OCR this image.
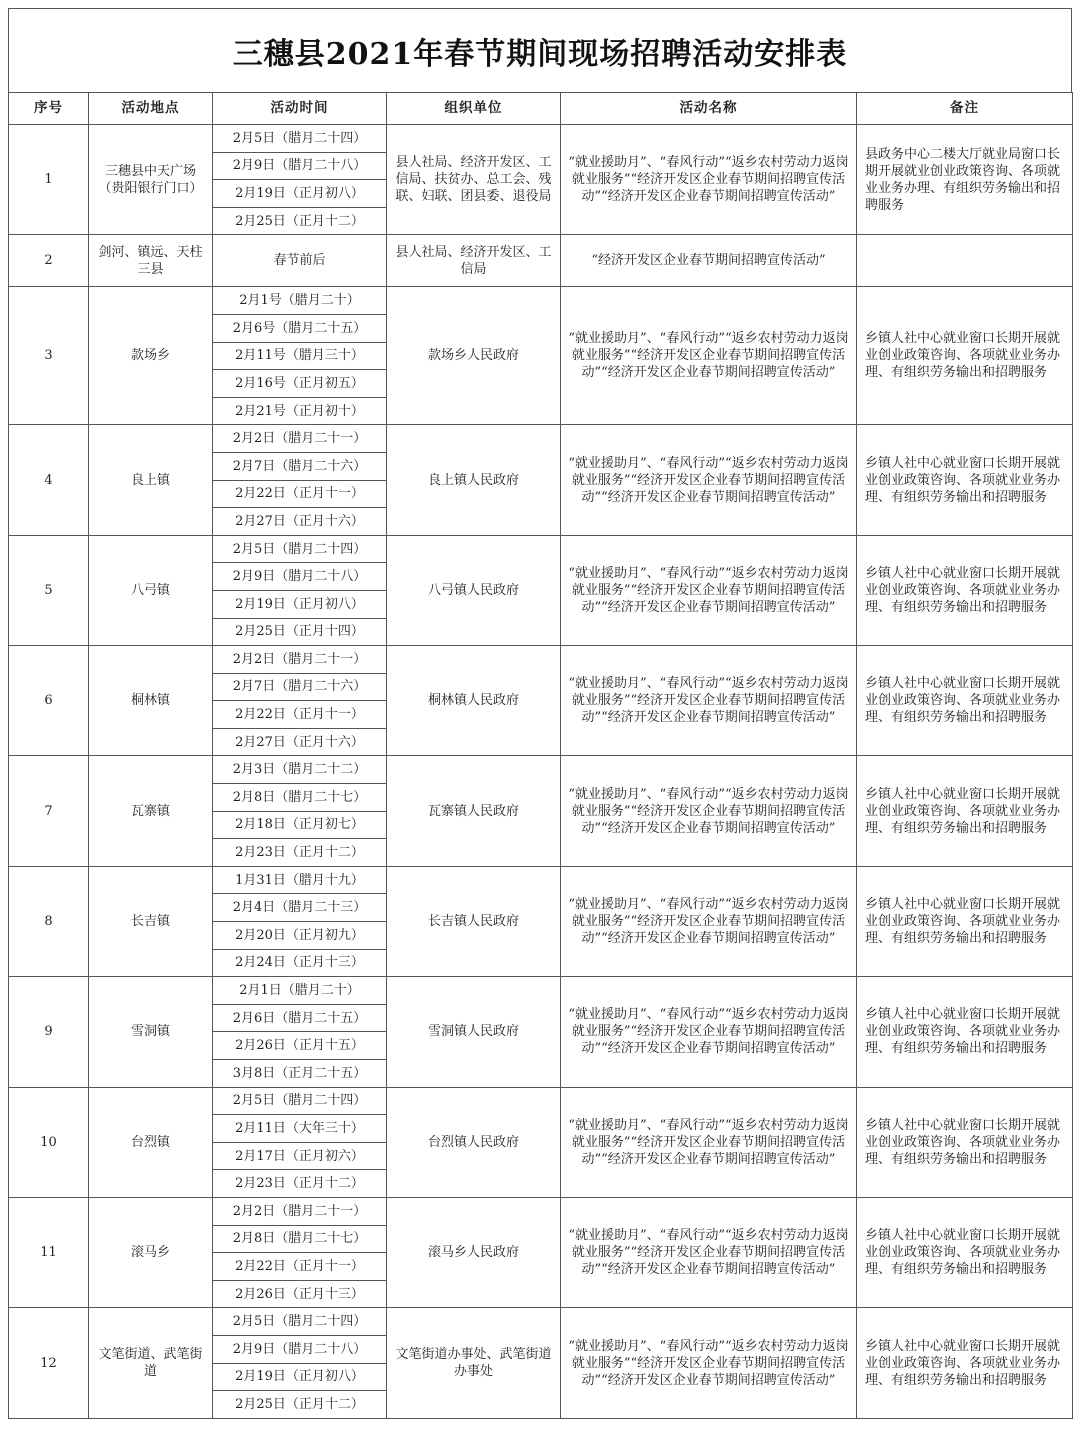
三穗县2021年春节期间现场招聘活动安排表
序号	活动地点	活动时间	组织单位	活动名称	备注
1	三穗县中天广场（贵阳银行门口）	2月5日（腊月二十四）	县人社局、经济开发区、工信局、扶贫办、总工会、残联、妇联、团县委、退役局	“就业援助月”、“春风行动”“返乡农村劳动力返岗就业服务”“经济开发区企业春节期间招聘宣传活动”“经济开发区企业春节期间招聘宣传活动”	县政务中心二楼大厅就业局窗口长期开展就业创业政策咨询、各项就业业务办理、有组织劳务输出和招聘服务
		2月9日（腊月二十八）			
		2月19日（正月初八）			
		2月25日（正月十二）			
2	剑河、镇远、天柱三县	春节前后	县人社局、经济开发区、工信局	“经济开发区企业春节期间招聘宣传活动”	
3	款场乡	2月1号（腊月二十）	款场乡人民政府	“就业援助月”、“春风行动”“返乡农村劳动力返岗就业服务”“经济开发区企业春节期间招聘宣传活动”“经济开发区企业春节期间招聘宣传活动”	乡镇人社中心就业窗口长期开展就业创业政策咨询、各项就业业务办理、有组织劳务输出和招聘服务
		2月6号（腊月二十五）			
		2月11号（腊月三十）			
		2月16号（正月初五）			
		2月21号（正月初十）			
4	良上镇	2月2日（腊月二十一）	良上镇人民政府	“就业援助月”、“春风行动”“返乡农村劳动力返岗就业服务”“经济开发区企业春节期间招聘宣传活动”“经济开发区企业春节期间招聘宣传活动”	乡镇人社中心就业窗口长期开展就业创业政策咨询、各项就业业务办理、有组织劳务输出和招聘服务
		2月7日（腊月二十六）			
		2月22日（正月十一）			
		2月27日（正月十六）			
5	八弓镇	2月5日（腊月二十四）	八弓镇人民政府	“就业援助月”、“春风行动”“返乡农村劳动力返岗就业服务”“经济开发区企业春节期间招聘宣传活动”“经济开发区企业春节期间招聘宣传活动”	乡镇人社中心就业窗口长期开展就业创业政策咨询、各项就业业务办理、有组织劳务输出和招聘服务
		2月9日（腊月二十八）			
		2月19日（正月初八）			
		2月25日（正月十四）			
6	桐林镇	2月2日（腊月二十一）	桐林镇人民政府	“就业援助月”、“春风行动”“返乡农村劳动力返岗就业服务”“经济开发区企业春节期间招聘宣传活动”“经济开发区企业春节期间招聘宣传活动”	乡镇人社中心就业窗口长期开展就业创业政策咨询、各项就业业务办理、有组织劳务输出和招聘服务
		2月7日（腊月二十六）			
		2月22日（正月十一）			
		2月27日（正月十六）			
7	瓦寨镇	2月3日（腊月二十二）	瓦寨镇人民政府	“就业援助月”、“春风行动”“返乡农村劳动力返岗就业服务”“经济开发区企业春节期间招聘宣传活动”“经济开发区企业春节期间招聘宣传活动”	乡镇人社中心就业窗口长期开展就业创业政策咨询、各项就业业务办理、有组织劳务输出和招聘服务
		2月8日（腊月二十七）			
		2月18日（正月初七）			
		2月23日（正月十二）			
8	长吉镇	1月31日（腊月十九）	长吉镇人民政府	“就业援助月”、“春风行动”“返乡农村劳动力返岗就业服务”“经济开发区企业春节期间招聘宣传活动”“经济开发区企业春节期间招聘宣传活动”	乡镇人社中心就业窗口长期开展就业创业政策咨询、各项就业业务办理、有组织劳务输出和招聘服务
		2月4日（腊月二十三）			
		2月20日（正月初九）			
		2月24日（正月十三）			
9	雪洞镇	2月1日（腊月二十）	雪洞镇人民政府	“就业援助月”、“春风行动”“返乡农村劳动力返岗就业服务”“经济开发区企业春节期间招聘宣传活动”“经济开发区企业春节期间招聘宣传活动”	乡镇人社中心就业窗口长期开展就业创业政策咨询、各项就业业务办理、有组织劳务输出和招聘服务
		2月6日（腊月二十五）			
		2月26日（正月十五）			
		3月8日（正月二十五）			
10	台烈镇	2月5日（腊月二十四）	台烈镇人民政府	“就业援助月”、“春风行动”“返乡农村劳动力返岗就业服务”“经济开发区企业春节期间招聘宣传活动”“经济开发区企业春节期间招聘宣传活动”	乡镇人社中心就业窗口长期开展就业创业政策咨询、各项就业业务办理、有组织劳务输出和招聘服务
		2月11日（大年三十）			
		2月17日（正月初六）			
		2月23日（正月十二）			
11	滚马乡	2月2日（腊月二十一）	滚马乡人民政府	“就业援助月”、“春风行动”“返乡农村劳动力返岗就业服务”“经济开发区企业春节期间招聘宣传活动”“经济开发区企业春节期间招聘宣传活动”	乡镇人社中心就业窗口长期开展就业创业政策咨询、各项就业业务办理、有组织劳务输出和招聘服务
		2月8日（腊月二十七）			
		2月22日（正月十一）			
		2月26日（正月十三）			
12	文笔街道、武笔街道	2月5日（腊月二十四）	文笔街道办事处、武笔街道办事处	“就业援助月”、“春风行动”“返乡农村劳动力返岗就业服务”“经济开发区企业春节期间招聘宣传活动”“经济开发区企业春节期间招聘宣传活动”	乡镇人社中心就业窗口长期开展就业创业政策咨询、各项就业业务办理、有组织劳务输出和招聘服务
		2月9日（腊月二十八）			
		2月19日（正月初八）			
		2月25日（正月十二）			
